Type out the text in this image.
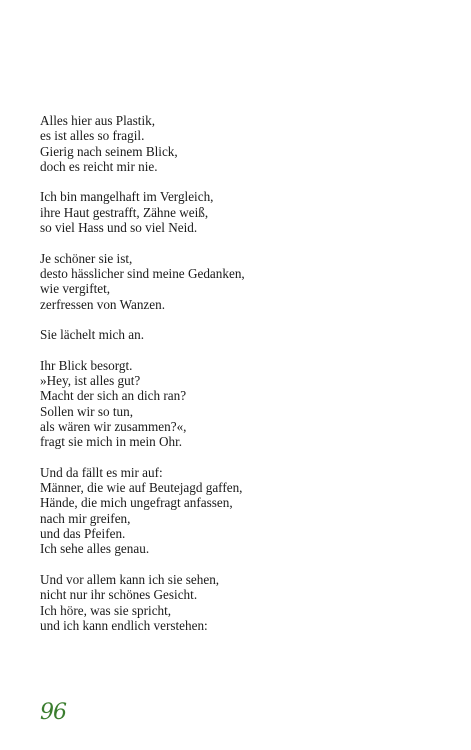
Alles hier aus Plastik,
es ist alles so fragil.
Gierig nach seinem Blick,
doch es reicht mir nie.
Ich bin mangelhaft im Vergleich,
ihre Haut gestrafft, Zähne weiß,
so viel Hass und so viel Neid.
Je schöner sie ist,
desto hässlicher sind meine Gedanken,
wie vergiftet,
zerfressen von Wanzen.
Sie lächelt mich an.
Ihr Blick besorgt.
»Hey, ist alles gut?
Macht der sich an dich ran?
Sollen wir so tun,
als wären wir zusammen?«,
fragt sie mich in mein Ohr.
Und da fällt es mir auf:
Männer, die wie auf Beutejagd gaffen,
Hände, die mich ungefragt anfassen,
nach mir greifen,
und das Pfeifen.
Ich sehe alles genau.
Und vor allem kann ich sie sehen,
nicht nur ihr schönes Gesicht.
Ich höre, was sie spricht,
und ich kann endlich verstehen:
96
